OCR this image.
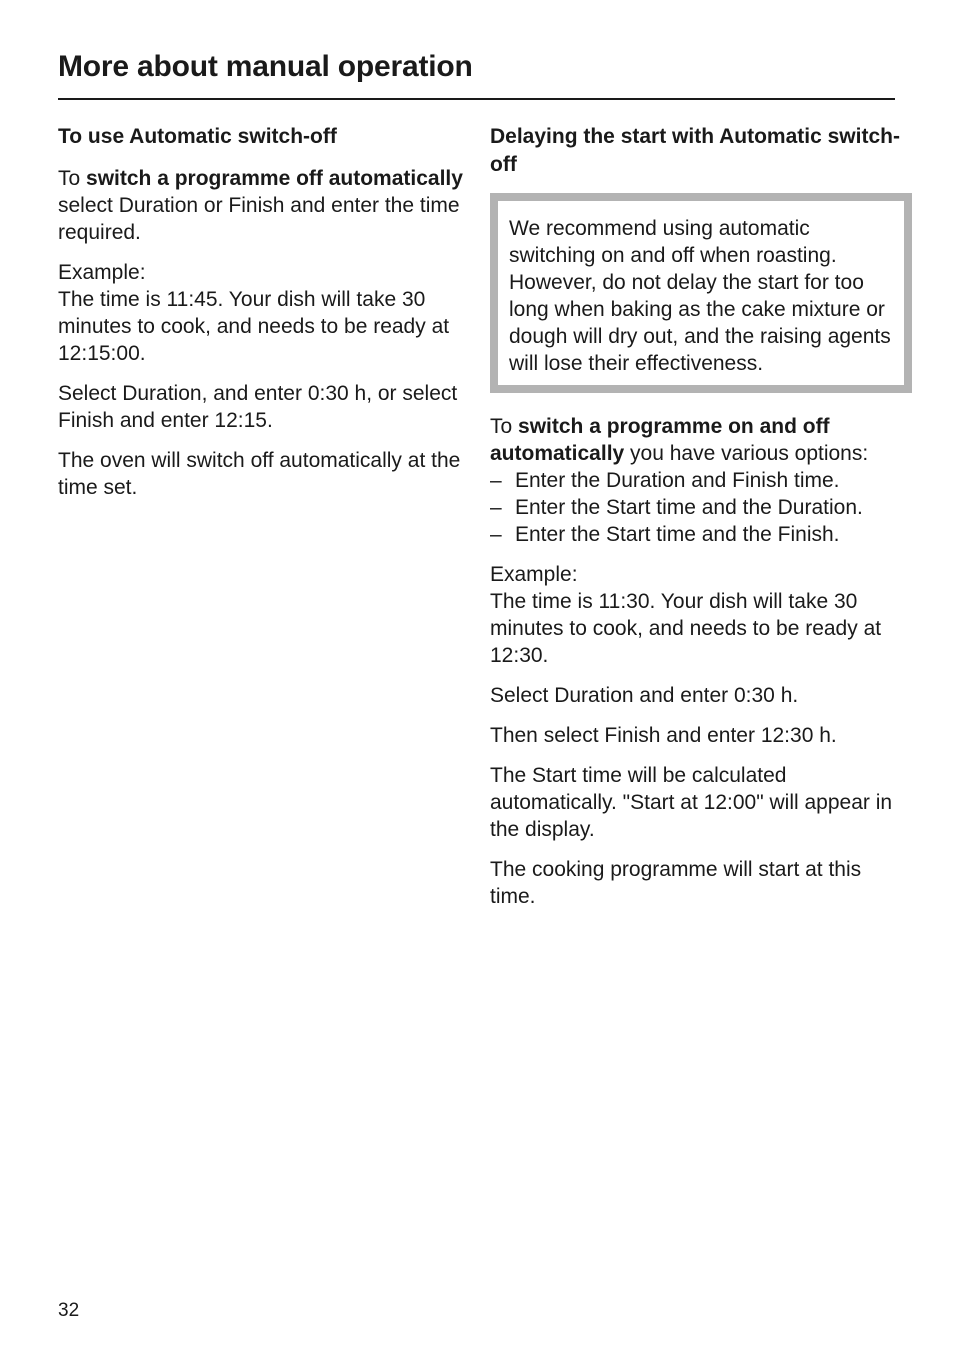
More about manual operation
To use Automatic switch-off

To switch a programme off automatically select Duration or Finish and enter the time required.

Example:
The time is 11:45. Your dish will take 30 minutes to cook, and needs to be ready at 12:15:00.

Select Duration, and enter 0:30 h, or select Finish and enter 12:15.

The oven will switch off automatically at the time set.

Delaying the start with Automatic switch-off

We recommend using automatic switching on and off when roasting. However, do not delay the start for too long when baking as the cake mixture or dough will dry out, and the raising agents will lose their effectiveness.

To switch a programme on and off automatically you have various options:

– Enter the Duration and Finish time.
– Enter the Start time and the Duration.
– Enter the Start time and the Finish.

Example:
The time is 11:30. Your dish will take 30 minutes to cook, and needs to be ready at 12:30.

Select Duration and enter 0:30 h.

Then select Finish and enter 12:30 h.

The Start time will be calculated automatically. "Start at 12:00" will appear in the display.

The cooking programme will start at this time.

32
